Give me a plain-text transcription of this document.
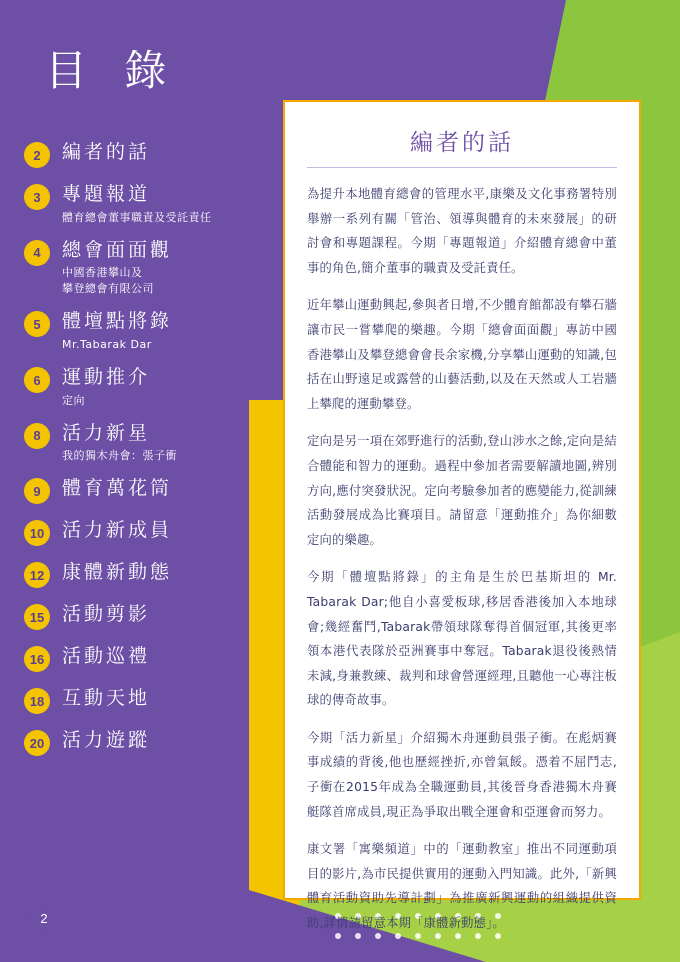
目 錄
2	編者的話
3	專題報道
體育總會董事職責及受託責任
4	總會面面觀
中國香港攀山及
攀登總會有限公司
5	體壇點將錄
Mr.Tabarak Dar
6	運動推介
定向
8	活力新星
我的獨木舟會：張子衝
9	體育萬花筒
10 活力新成員
12 康體新動態
15 活動剪影
16 活動巡禮
18 互動天地
20 活力遊蹤
2
編者的話

為提升本地體育總會的管理水平,康樂及文化事務署特別舉辦一系列有關「管治、領導與體育的未來發展」的研討會和專題課程。今期「專題報道」介紹體育總會中董事的角色,簡介董事的職責及受託責任。

近年攀山運動興起,參與者日增,不少體育館都設有攀石牆讓市民一嘗攀爬的樂趣。今期「總會面面觀」專訪中國香港攀山及攀登總會會長余家機,分享攀山運動的知識,包括在山野遠足或露營的山藝活動,以及在天然或人工岩牆上攀爬的運動攀登。

定向是另一項在郊野進行的活動,登山涉水之餘,定向是結合體能和智力的運動。過程中參加者需要解讀地圖,辨別方向,應付突發狀況。定向考驗參加者的應變能力,從訓練活動發展成為比賽項目。請留意「運動推介」為你細數定向的樂趣。

今期「體壇點將錄」的主角是生於巴基斯坦的 Mr. Tabarak Dar;他自小喜愛板球,移居香港後加入本地球會;幾經奮鬥,Tabarak帶領球隊奪得首個冠軍,其後更率領本港代表隊於亞洲賽事中奪冠。Tabarak退役後熱情未減,身兼教練、裁判和球會營運經理,且聽他一心專注板球的傳奇故事。

今期「活力新星」介紹獨木舟運動員張子衝。在彪炳賽事成績的背後,他也歷經挫折,亦曾氣餒。憑着不屈鬥志,子衝在2015年成為全職運動員,其後晉身香港獨木舟賽艇隊首席成員,現正為爭取出戰全運會和亞運會而努力。

康文署「寓樂頻道」中的「運動教室」推出不同運動項目的影片,為市民提供實用的運動入門知識。此外,「新興體育活動資助先導計劃」為推廣新興運動的組織提供資助,詳情請留意本期「康體新動態」。
